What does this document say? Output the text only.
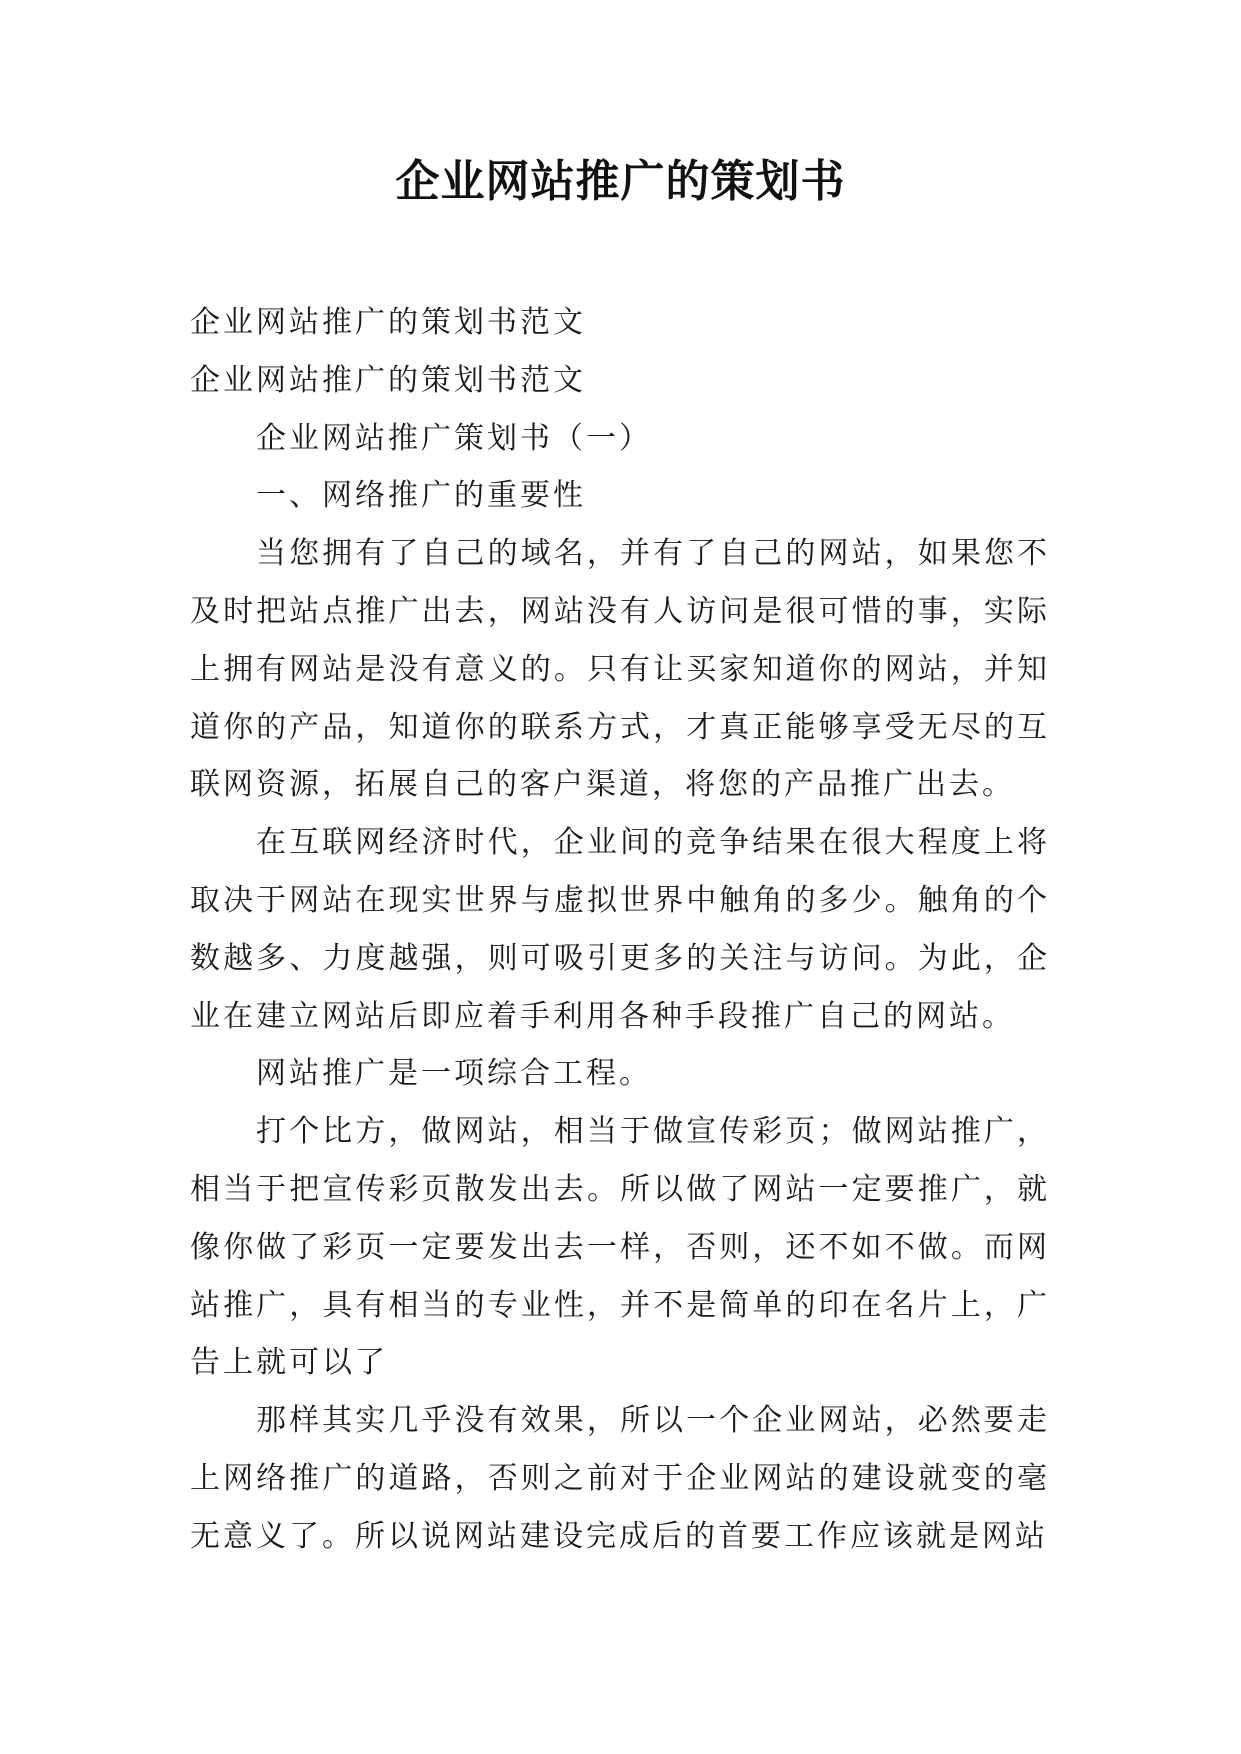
企业网站推广的策划书

企业网站推广的策划书范文

企业网站推广的策划书范文

企业网站推广策划书（一）

一、网络推广的重要性

当您拥有了自己的域名，并有了自己的网站，如果您不及时把站点推广出去，网站没有人访问是很可惜的事，实际上拥有网站是没有意义的。只有让买家知道你的网站，并知道你的产品，知道你的联系方式，才真正能够享受无尽的互联网资源，拓展自己的客户渠道，将您的产品推广出去。

在互联网经济时代，企业间的竞争结果在很大程度上将取决于网站在现实世界与虚拟世界中触角的多少。触角的个数越多、力度越强，则可吸引更多的关注与访问。为此，企业在建立网站后即应着手利用各种手段推广自己的网站。

网站推广是一项综合工程。

打个比方，做网站，相当于做宣传彩页；做网站推广，相当于把宣传彩页散发出去。所以做了网站一定要推广，就像你做了彩页一定要发出去一样，否则，还不如不做。而网站推广，具有相当的专业性，并不是简单的印在名片上，广告上就可以了

那样其实几乎没有效果，所以一个企业网站，必然要走上网络推广的道路，否则之前对于企业网站的建设就变的毫无意义了。所以说网站建设完成后的首要工作应该就是网站
